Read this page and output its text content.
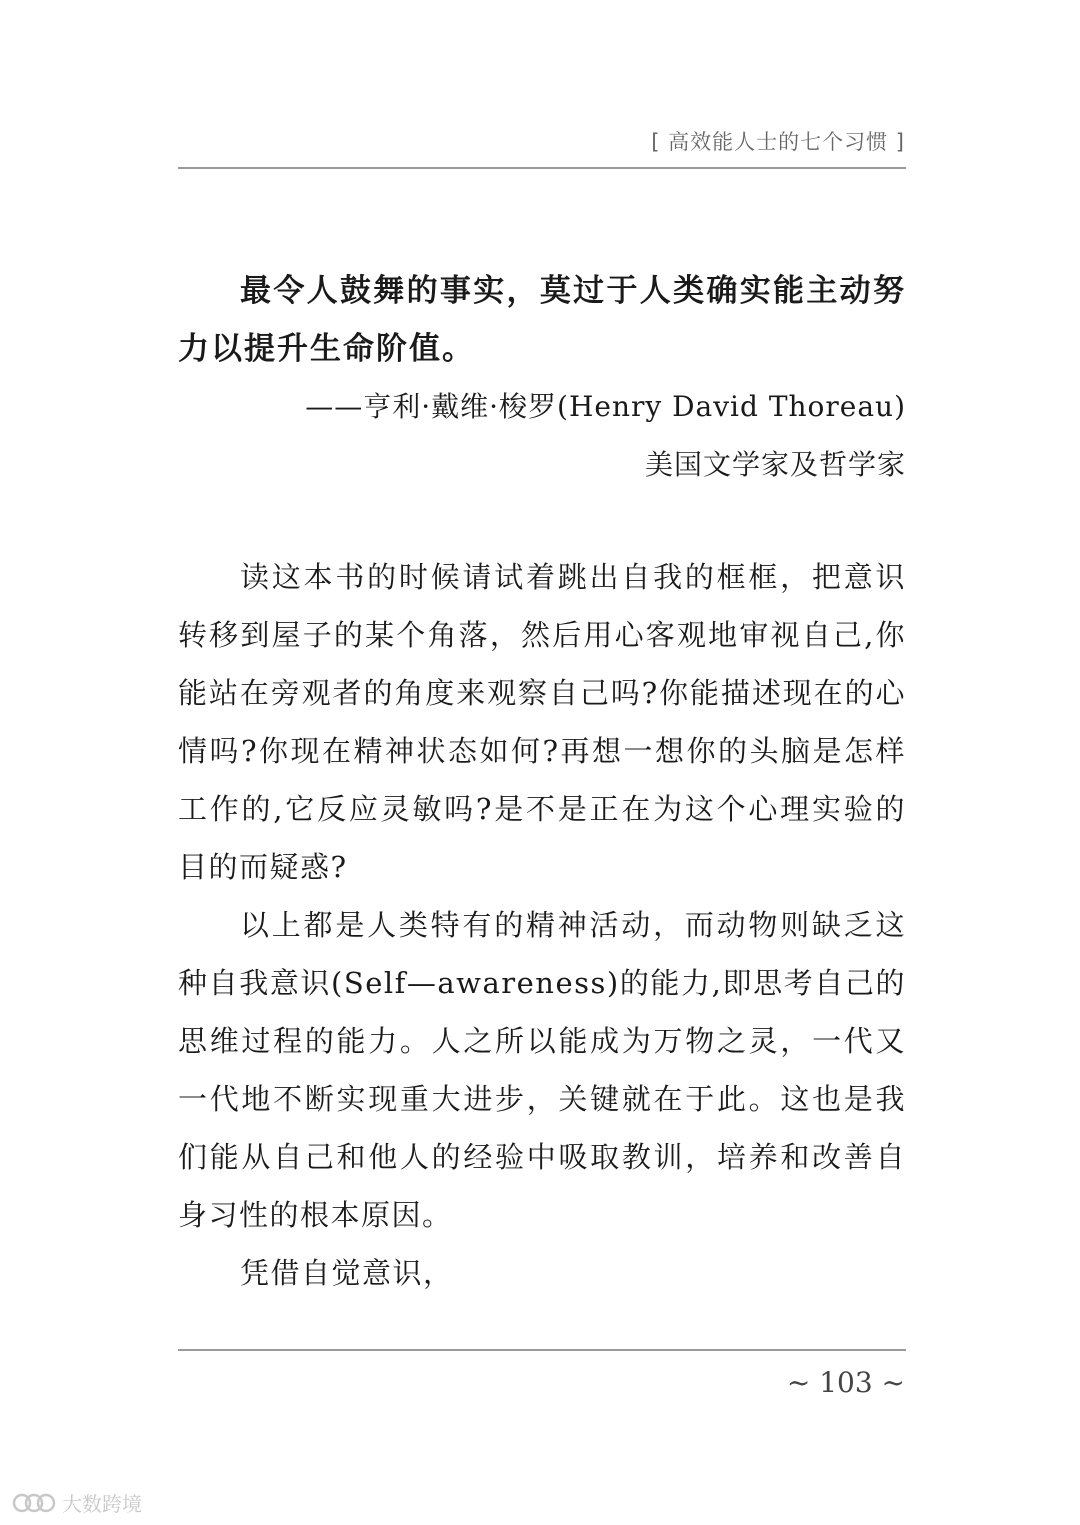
[ 高效能人士的七个习惯 ]

最令人鼓舞的事实，莫过于人类确实能主动努力以提升生命阶值。

——亨利·戴维·梭罗(Henry David Thoreau)

美国文学家及哲学家

读这本书的时候请试着跳出自我的框框，把意识转移到屋子的某个角落，然后用心客观地审视自己,你能站在旁观者的角度来观察自己吗?你能描述现在的心情吗?你现在精神状态如何?再想一想你的头脑是怎样工作的,它反应灵敏吗?是不是正在为这个心理实验的目的而疑惑?

以上都是人类特有的精神活动，而动物则缺乏这种自我意识(Self—awareness)的能力,即思考自己的思维过程的能力。人之所以能成为万物之灵，一代又一代地不断实现重大进步，关键就在于此。这也是我们能从自己和他人的经验中吸取教训，培养和改善自身习性的根本原因。

凭借自觉意识，

~ 103 ~
大数跨境
